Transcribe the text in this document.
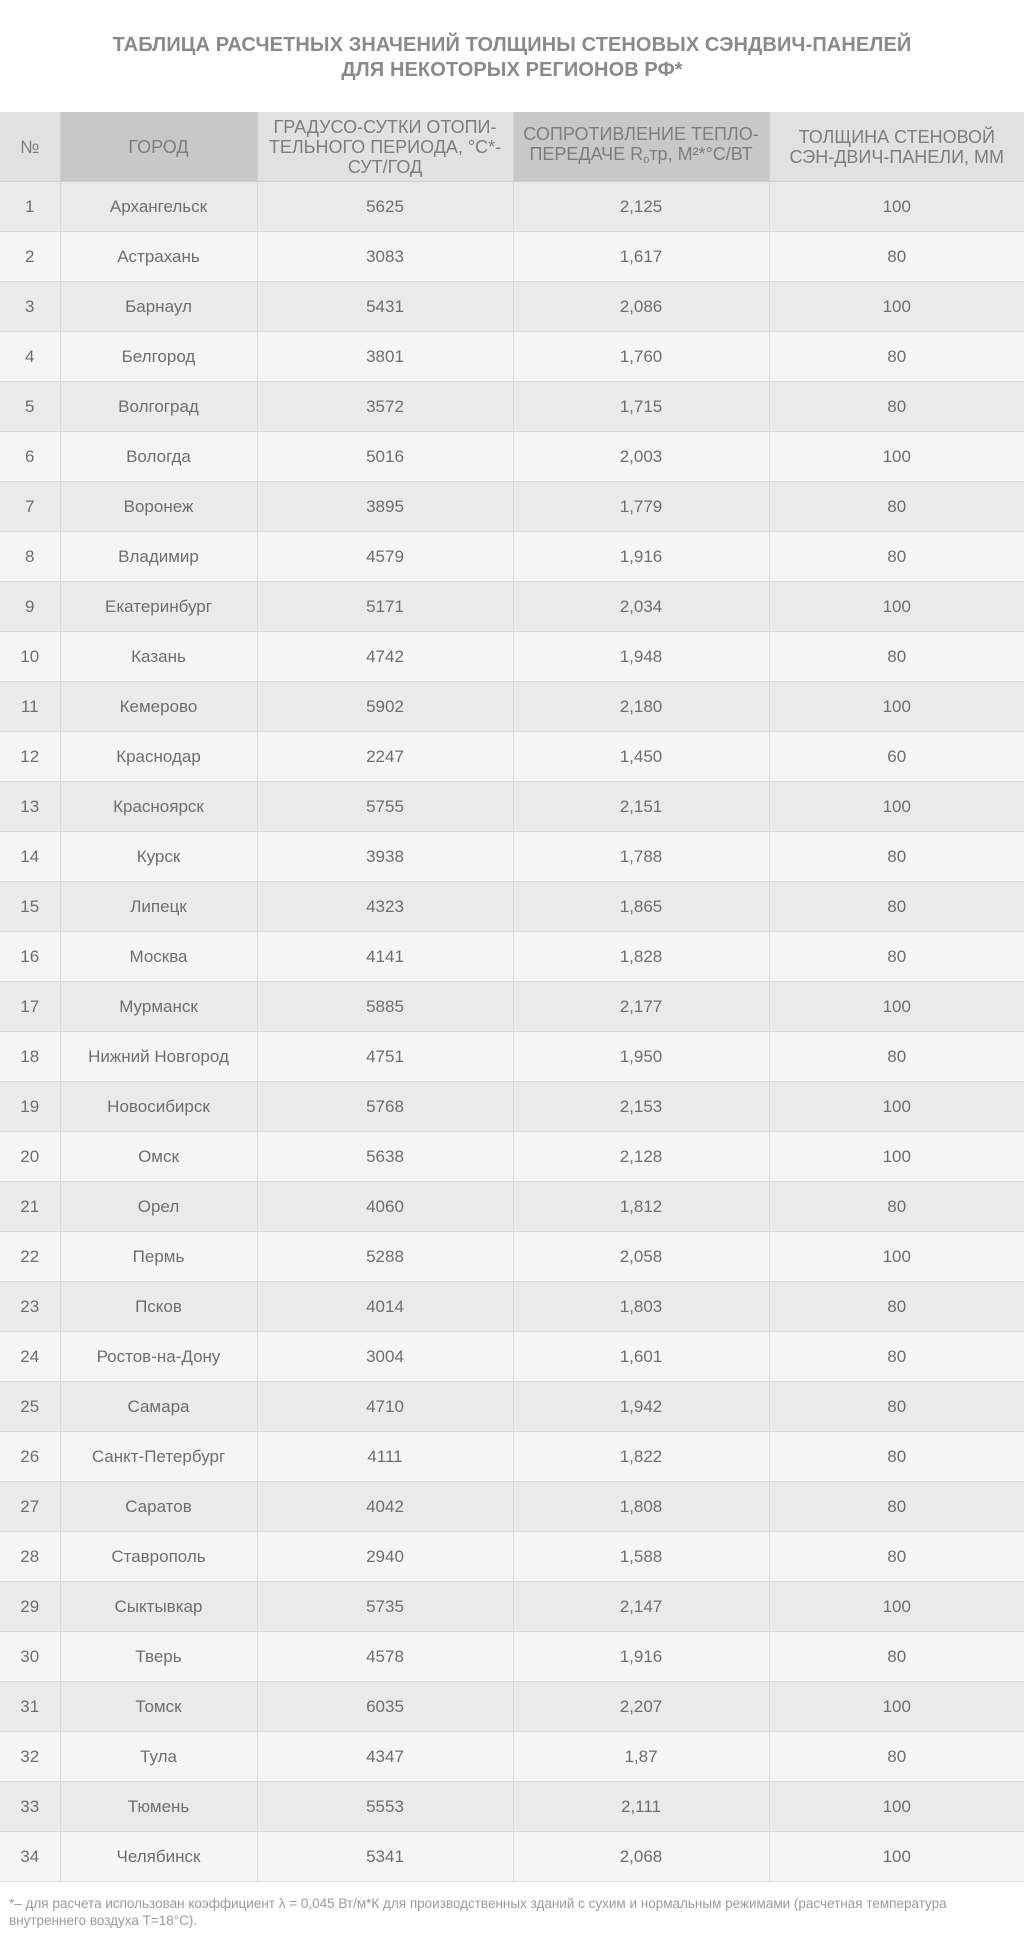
ТАБЛИЦА РАСЧЕТНЫХ ЗНАЧЕНИЙ ТОЛЩИНЫ СТЕНОВЫХ СЭНДВИЧ-ПАНЕЛЕЙ
ДЛЯ НЕКОТОРЫХ РЕГИОНОВ РФ*
№	ГОРОД	ГРАДУСО-СУТКИ ОТОПИ-ТЕЛЬНОГО ПЕРИОДА, °С*-СУТ/ГОД	СОПРОТИВЛЕНИЕ ТЕПЛО-ПЕРЕДАЧЕ $R_отр$, М²*°С/ВТ	ТОЛЩИНА СТЕНОВОЙ СЭН-ДВИЧ-ПАНЕЛИ, ММ
1	Архангельск	5625	2,125	100
2	Астрахань	3083	1,617	80
3	Барнаул	5431	2,086	100
4	Белгород	3801	1,760	80
5	Волгоград	3572	1,715	80
6	Вологда	5016	2,003	100
7	Воронеж	3895	1,779	80
8	Владимир	4579	1,916	80
9	Екатеринбург	5171	2,034	100
10	Казань	4742	1,948	80
11	Кемерово	5902	2,180	100
12	Краснодар	2247	1,450	60
13	Красноярск	5755	2,151	100
14	Курск	3938	1,788	80
15	Липецк	4323	1,865	80
16	Москва	4141	1,828	80
17	Мурманск	5885	2,177	100
18	Нижний Новгород	4751	1,950	80
19	Новосибирск	5768	2,153	100
20	Омск	5638	2,128	100
21	Орел	4060	1,812	80
22	Пермь	5288	2,058	100
23	Псков	4014	1,803	80
24	Ростов-на-Дону	3004	1,601	80
25	Самара	4710	1,942	80
26	Санкт-Петербург	4111	1,822	80
27	Саратов	4042	1,808	80
28	Ставрополь	2940	1,588	80
29	Сыктывкар	5735	2,147	100
30	Тверь	4578	1,916	80
31	Томск	6035	2,207	100
32	Тула	4347	1,87	80
33	Тюмень	5553	2,111	100
34	Челябинск	5341	2,068	100
*– для расчета использован коэффициент λ = 0,045 Вт/м*К для производственных зданий с сухим и нормальным режимами (расчетная температура внутреннего воздуха Т=18°С).
